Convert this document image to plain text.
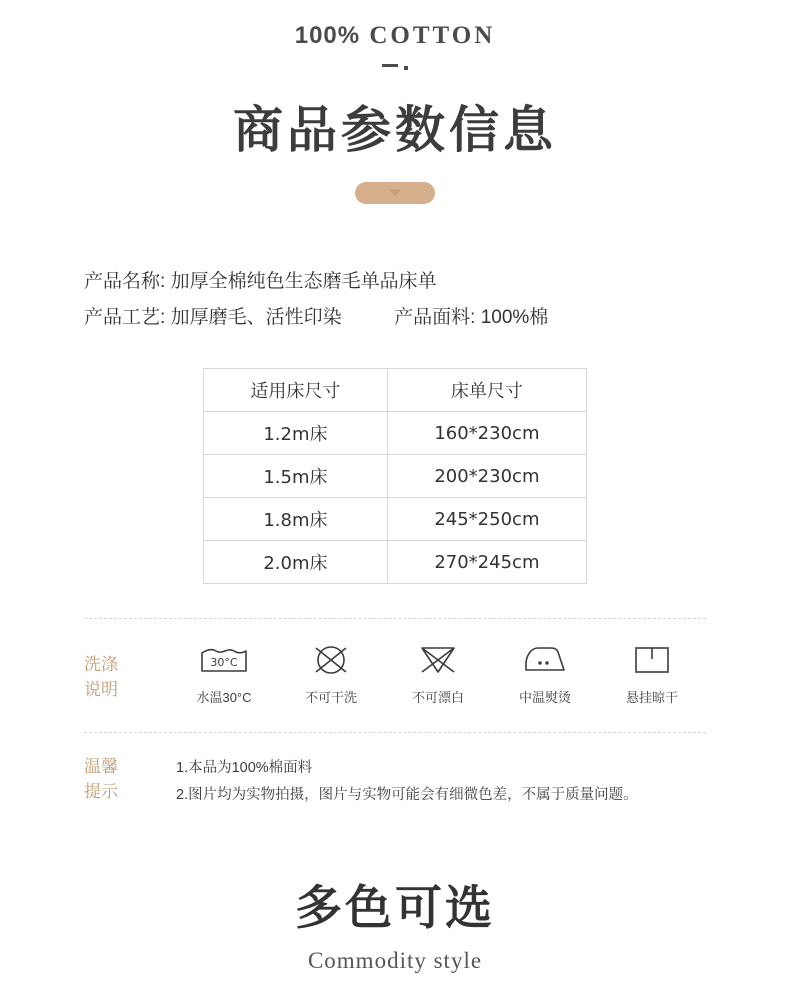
100% COTTON
商品参数信息
产品名称: 加厚全棉纯色生态磨毛单品床单
产品工艺: 加厚磨毛、活性印染	产品面料: 100%棉
适用床尺寸	床单尺寸
1.2m床	160*230cm
1.5m床	200*230cm
1.8m床	245*250cm
2.0m床	270*245cm
洗涤
说明
30°C
水温30°C	不可干洗	不可漂白	中温熨烫	悬挂晾干
温馨
提示
1.本品为100%棉面料
2.图片均为实物拍摄，图片与实物可能会有细微色差，不属于质量问题。
多色可选
Commodity style
